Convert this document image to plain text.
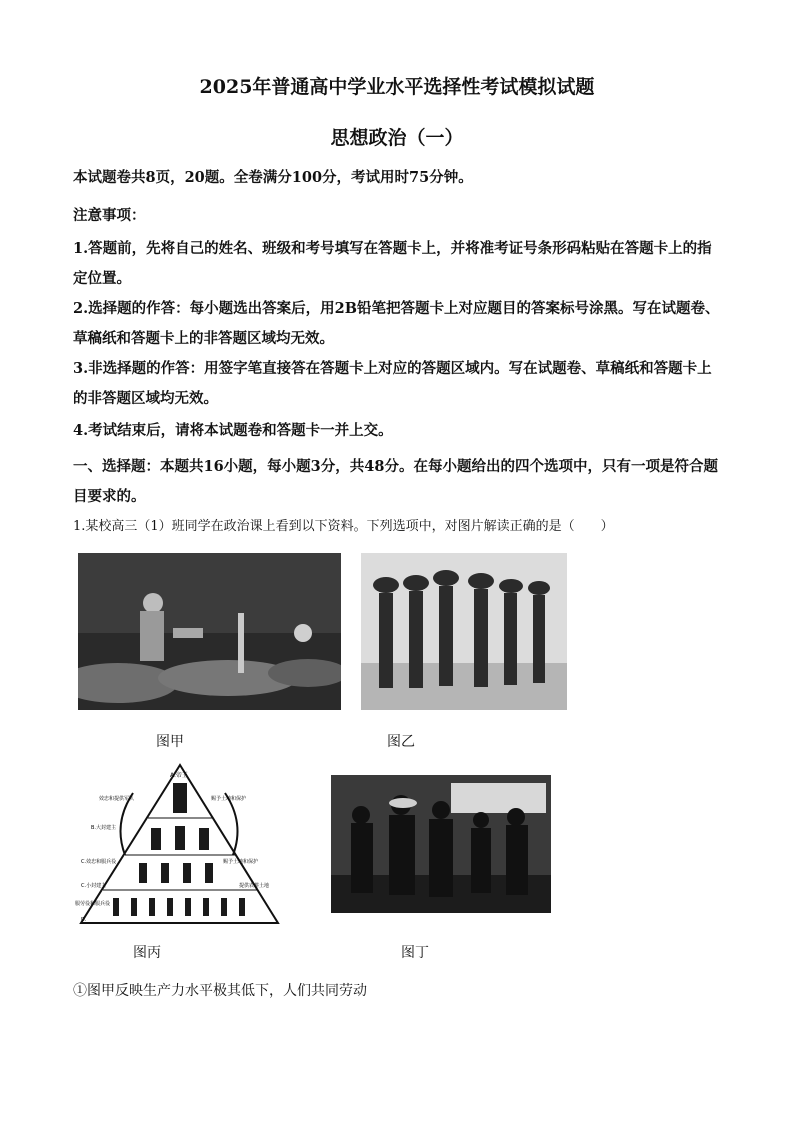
2025年普通高中学业水平选择性考试模拟试题
思想政治（一）
本试题卷共8页，20题。全卷满分100分，考试用时75分钟。
注意事项：
1.答题前，先将自己的姓名、班级和考号填写在答题卡上，并将准考证号条形码粘贴在答题卡上的指定位置。
2.选择题的作答：每小题选出答案后，用2B铅笔把答题卡上对应题目的答案标号涂黑。写在试题卷、草稿纸和答题卡上的非答题区域均无效。
3.非选择题的作答：用签字笔直接答在答题卡上对应的答题区域内。写在试题卷、草稿纸和答题卡上的非答题区域均无效。
4.考试结束后，请将本试题卷和答题卡一并上交。
一、选择题：本题共16小题，每小题3分，共48分。在每小题给出的四个选项中，只有一项是符合题目要求的。
1.某校高三（1）班同学在政治课上看到以下资料。下列选项中，对图片解读正确的是（　　）
图甲	图乙
A.帝王
效忠和提供军队	赐予土地和保护
B.大封建主
C.效忠和服兵役	赐予土地和保护
C.小封建主
服劳役和服兵役
提供农耕土地
D.
图丙	图丁
①图甲反映生产力水平极其低下，人们共同劳动
